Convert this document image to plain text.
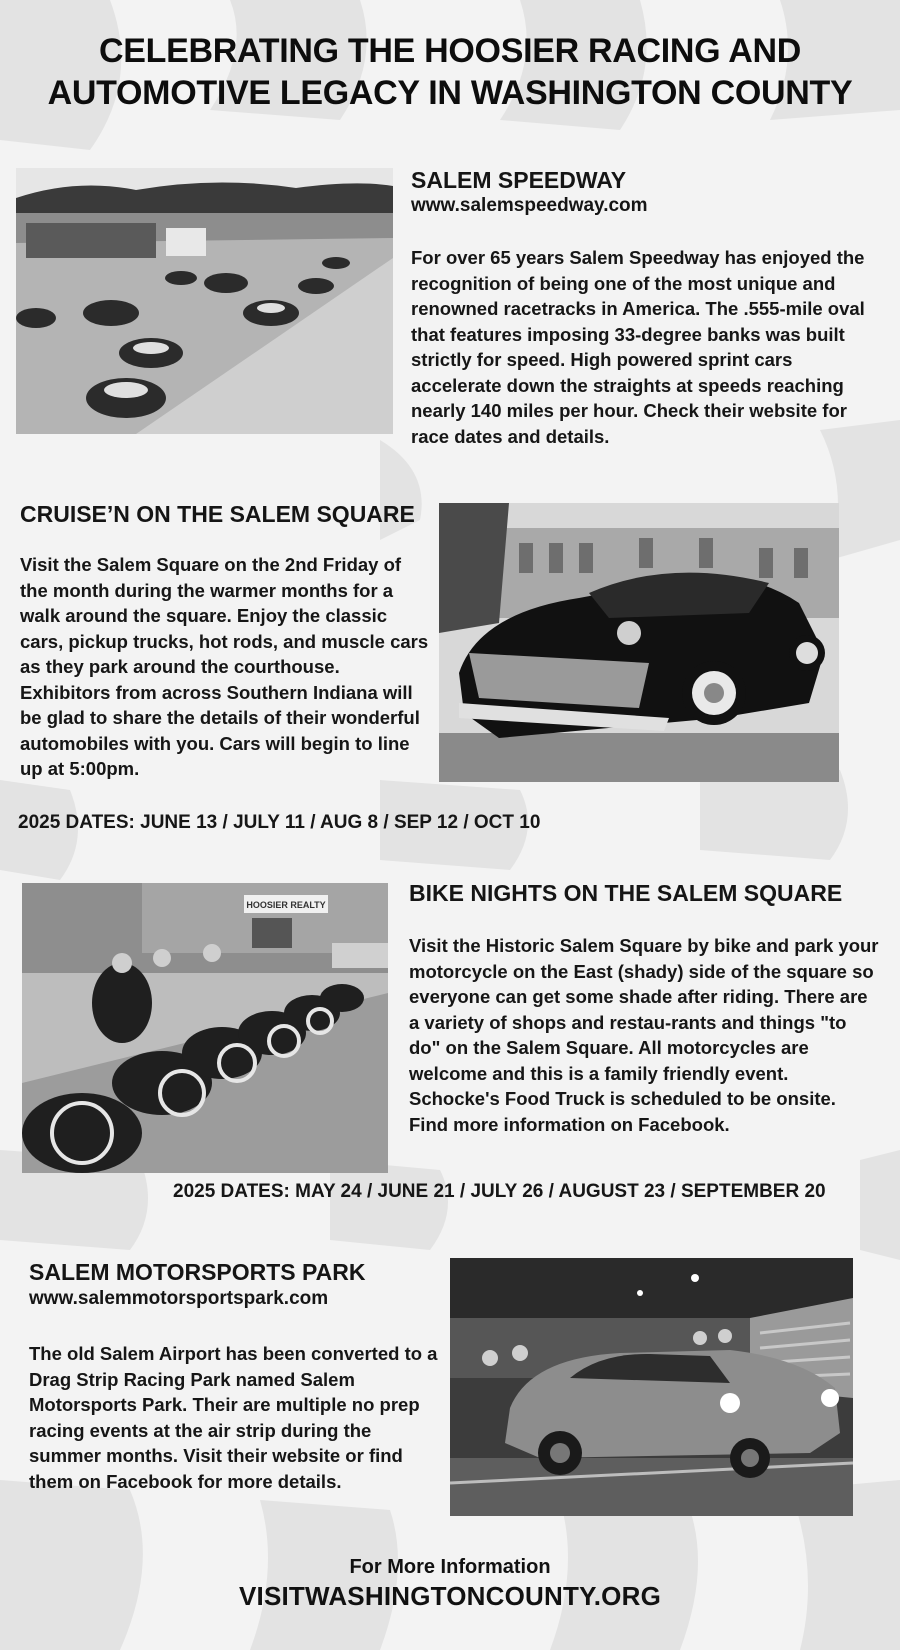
CELEBRATING THE HOOSIER RACING AND AUTOMOTIVE LEGACY IN WASHINGTON COUNTY
SALEM SPEEDWAY
www.salemspeedway.com

For over 65 years Salem Speedway has enjoyed the recognition of being one of the most unique and renowned racetracks in America. The .555-mile oval that features imposing 33-degree banks was built strictly for speed. High powered sprint cars accelerate down the straights at speeds reaching nearly 140 miles per hour. Check their website for race dates and details.

CRUISE’N ON THE SALEM SQUARE

Visit the Salem Square on the 2nd Friday of the month during the warmer months for a walk around the square. Enjoy the classic cars, pickup trucks, hot rods, and muscle cars as they park around the courthouse. Exhibitors from across Southern Indiana will be glad to share the details of their wonderful automobiles with you. Cars will begin to line up at 5:00pm.

2025 DATES: JUNE 13 / JULY 11 / AUG 8 / SEP 12 / OCT 10
HOOSIER REALTY	BIKE NIGHTS ON THE SALEM SQUARE

Visit the Historic Salem Square by bike and park your motorcycle on the East (shady) side of the square so everyone can get some shade after riding. There are a variety of shops and restau-rants and things "to do" on the Salem Square. All motorcycles are welcome and this is a family friendly event. Schocke's Food Truck is scheduled to be onsite. Find more information on Facebook.

2025 DATES: MAY 24 / JUNE 21 / JULY 26 / AUGUST 23 / SEPTEMBER 20
SALEM MOTORSPORTS PARK
www.salemmotorsportspark.com

The old Salem Airport has been converted to a Drag Strip Racing Park named Salem Motorsports Park. Their are multiple no prep racing events at the air strip during the summer months. Visit their website or find them on Facebook for more details.

For More Information
VISITWASHINGTONCOUNTY.ORG
